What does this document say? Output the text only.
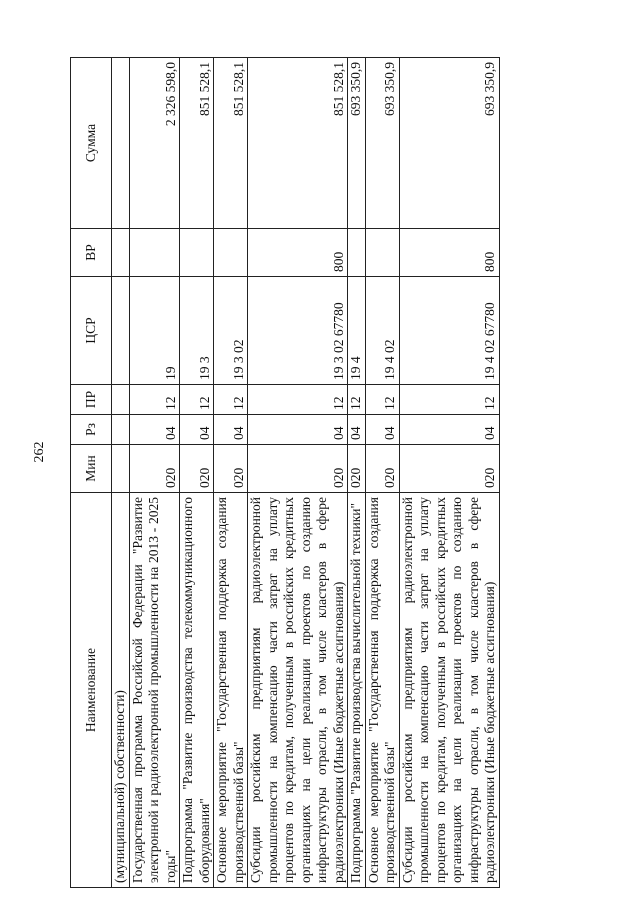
262
Наименование	Мин	Рз	ПР	ЦСР	ВР	Сумма
(муниципальной) собственности)						
Государственная программа Российской Федерации "Развитие электронной и радиоэлектронной промышленности на 2013 - 2025 годы"	020	04	12	19		2 326 598,0
Подпрограмма "Развитие производства телекоммуникационного оборудования"	020	04	12	19 3		851 528,1
Основное мероприятие "Государственная поддержка создания производственной базы"	020	04	12	19 3 02		851 528,1
Субсидии российским предприятиям радиоэлектронной промышленности на компенсацию части затрат на уплату процентов по кредитам, полученным в российских кредитных организациях на цели реализации проектов по созданию инфраструктуры отрасли, в том числе кластеров в сфере радиоэлектроники (Иные бюджетные ассигнования)	020	04	12	19 3 02 67780	800	851 528,1
Подпрограмма "Развитие производства вычислительной техники"	020	04	12	19 4		693 350,9
Основное мероприятие "Государственная поддержка создания производственной базы"	020	04	12	19 4 02		693 350,9
Субсидии российским предприятиям радиоэлектронной промышленности на компенсацию части затрат на уплату процентов по кредитам, полученным в российских кредитных организациях на цели реализации проектов по созданию инфраструктуры отрасли, в том числе кластеров в сфере радиоэлектроники (Иные бюджетные ассигнования)	020	04	12	19 4 02 67780	800	693 350,9
